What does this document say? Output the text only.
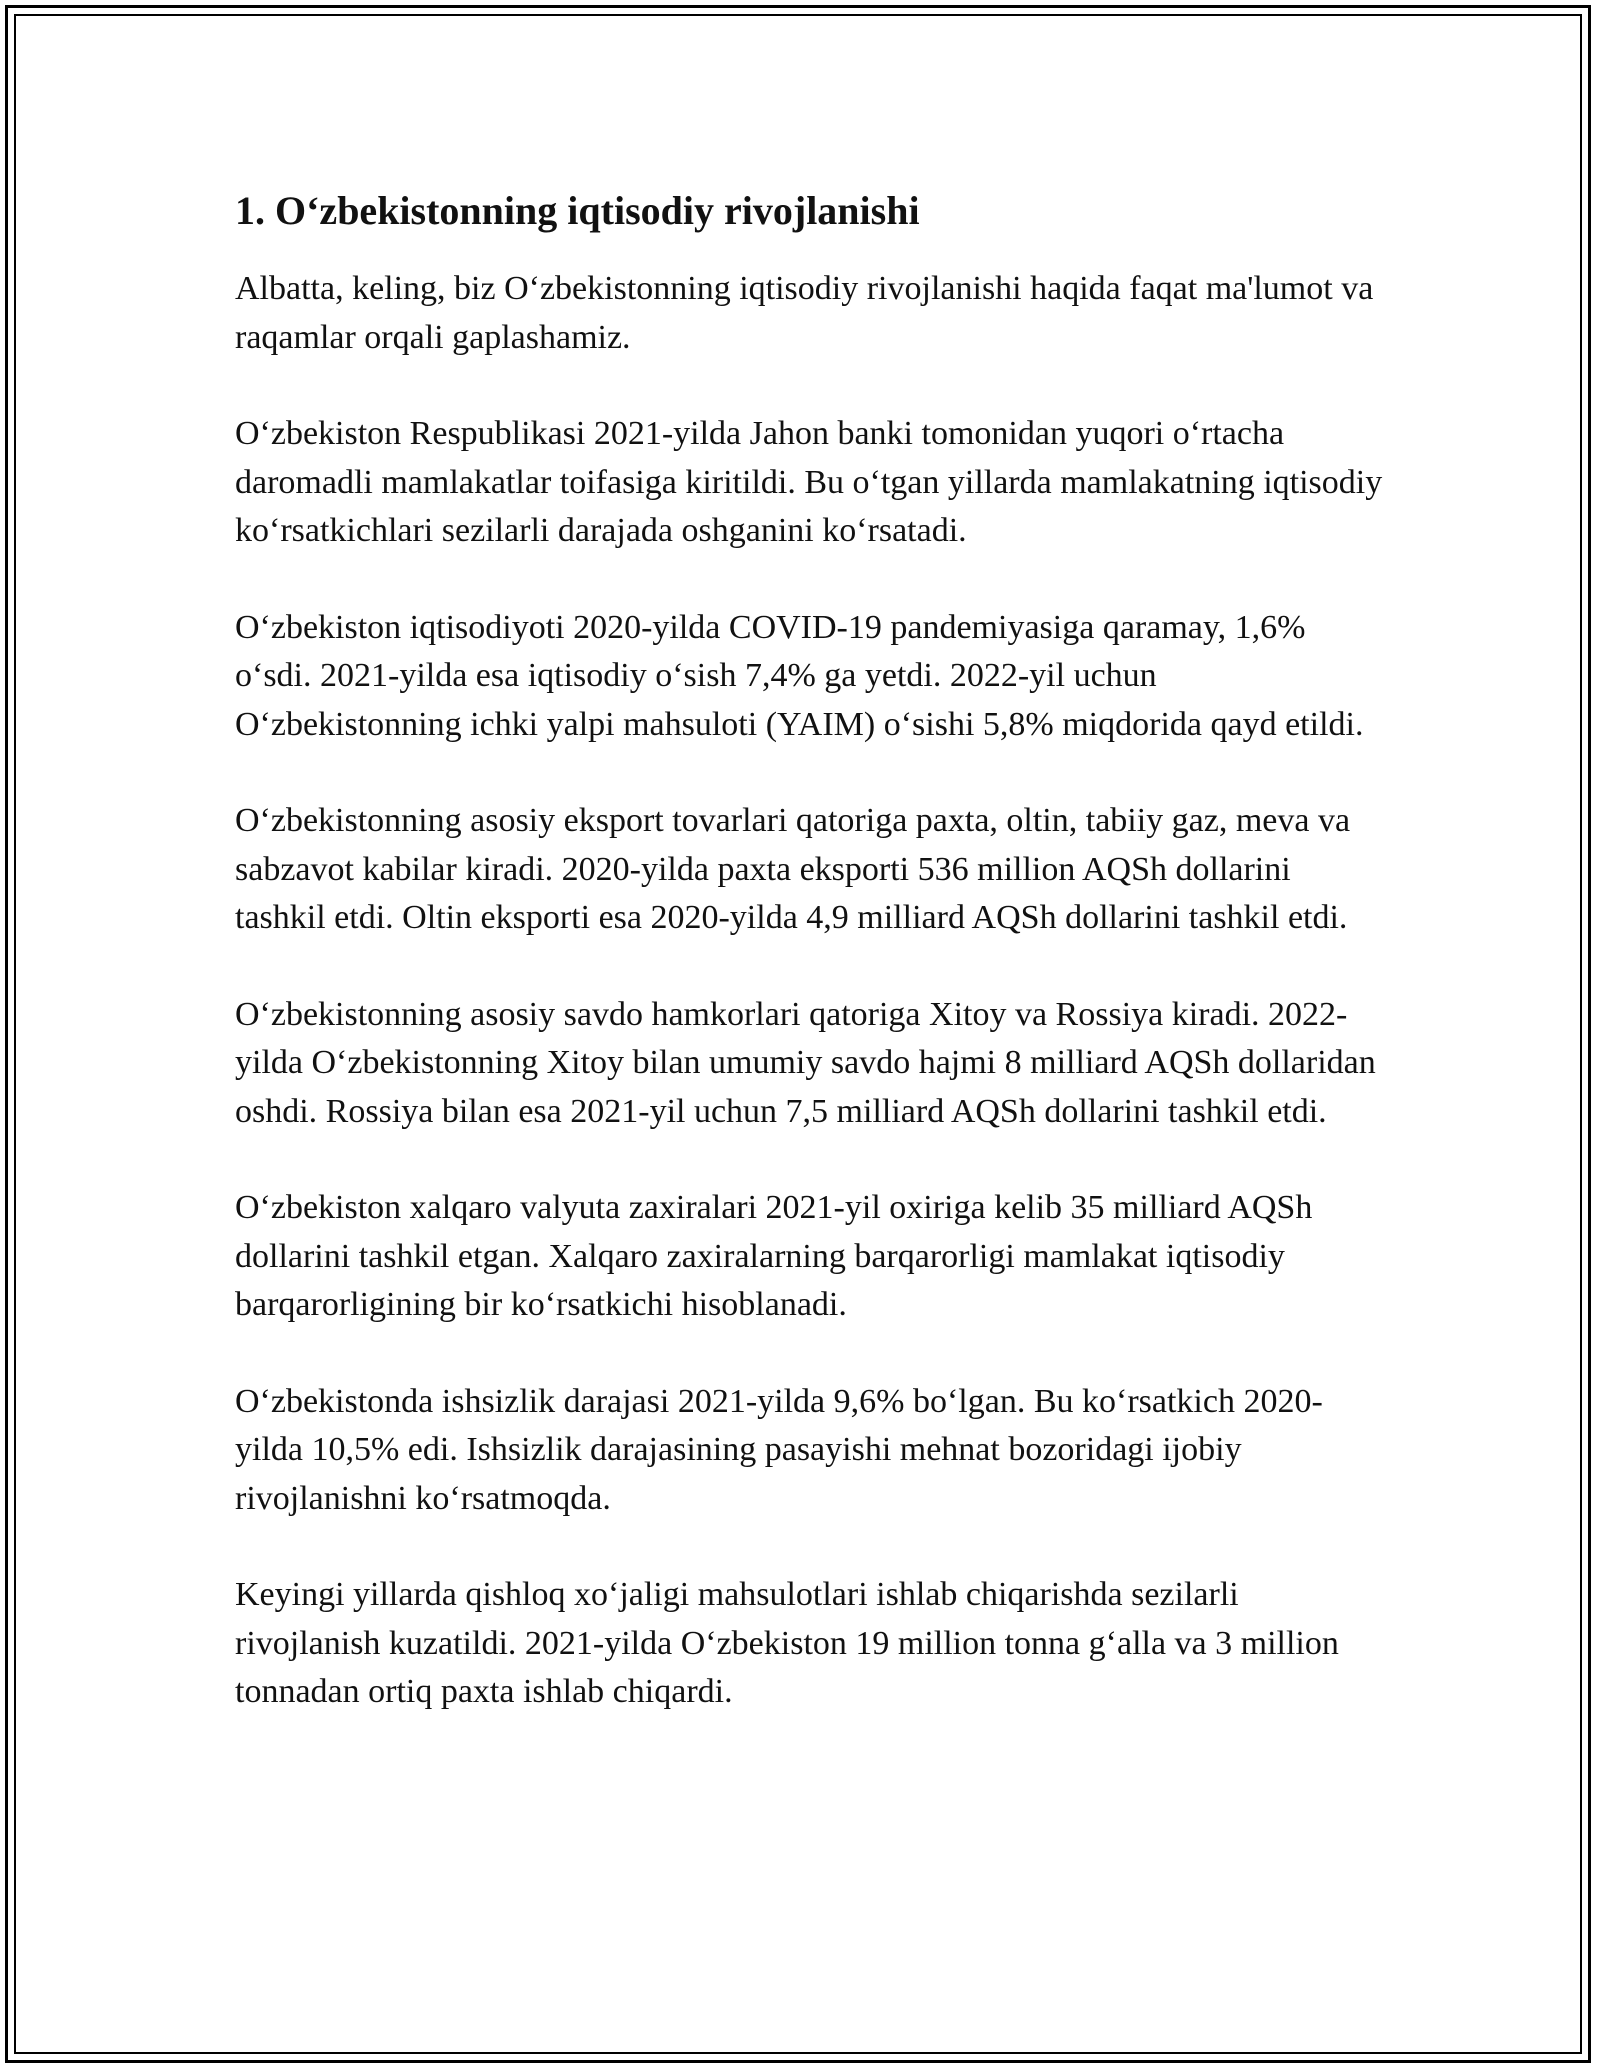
1. O‘zbekistonning iqtisodiy rivojlanishi

Albatta, keling, biz O‘zbekistonning iqtisodiy rivojlanishi haqida faqat ma'lumot va raqamlar orqali gaplashamiz.

O‘zbekiston Respublikasi 2021-yilda Jahon banki tomonidan yuqori o‘rtacha daromadli mamlakatlar toifasiga kiritildi. Bu o‘tgan yillarda mamlakatning iqtisodiy ko‘rsatkichlari sezilarli darajada oshganini ko‘rsatadi.

O‘zbekiston iqtisodiyoti 2020-yilda COVID-19 pandemiyasiga qaramay, 1,6% o‘sdi. 2021-yilda esa iqtisodiy o‘sish 7,4% ga yetdi. 2022-yil uchun O‘zbekistonning ichki yalpi mahsuloti (YAIM) o‘sishi 5,8% miqdorida qayd etildi.

O‘zbekistonning asosiy eksport tovarlari qatoriga paxta, oltin, tabiiy gaz, meva va sabzavot kabilar kiradi. 2020-yilda paxta eksporti 536 million AQSh dollarini tashkil etdi. Oltin eksporti esa 2020-yilda 4,9 milliard AQSh dollarini tashkil etdi.

O‘zbekistonning asosiy savdo hamkorlari qatoriga Xitoy va Rossiya kiradi. 2022-yilda O‘zbekistonning Xitoy bilan umumiy savdo hajmi 8 milliard AQSh dollaridan oshdi. Rossiya bilan esa 2021-yil uchun 7,5 milliard AQSh dollarini tashkil etdi.

O‘zbekiston xalqaro valyuta zaxiralari 2021-yil oxiriga kelib 35 milliard AQSh dollarini tashkil etgan. Xalqaro zaxiralarning barqarorligi mamlakat iqtisodiy barqarorligining bir ko‘rsatkichi hisoblanadi.

O‘zbekistonda ishsizlik darajasi 2021-yilda 9,6% bo‘lgan. Bu ko‘rsatkich 2020-yilda 10,5% edi. Ishsizlik darajasining pasayishi mehnat bozoridagi ijobiy rivojlanishni ko‘rsatmoqda.

Keyingi yillarda qishloq xo‘jaligi mahsulotlari ishlab chiqarishda sezilarli rivojlanish kuzatildi. 2021-yilda O‘zbekiston 19 million tonna g‘alla va 3 million tonnadan ortiq paxta ishlab chiqardi.
